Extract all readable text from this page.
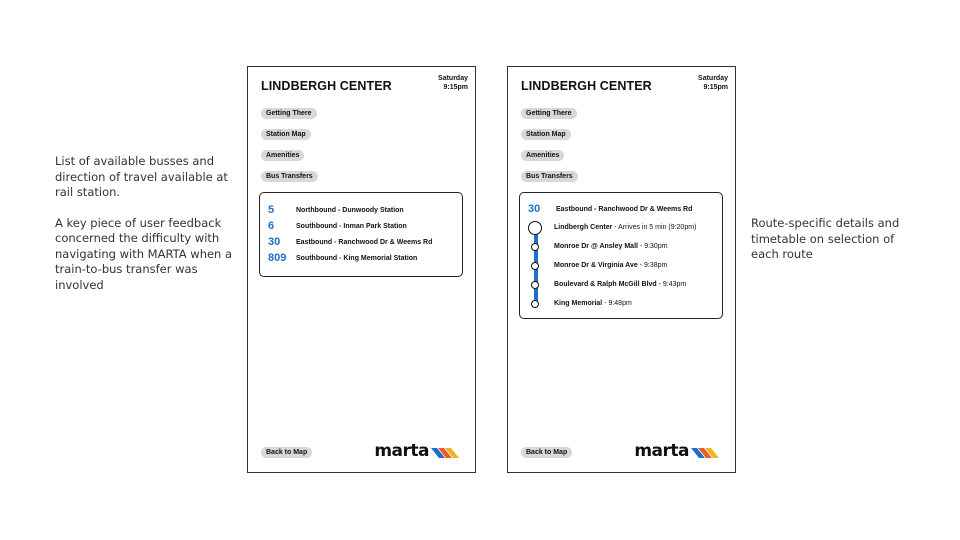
List of available busses and direction of travel available at rail station.

A key piece of user feedback concerned the difficulty with navigating with MARTA when a train-to-bus transfer was involved

Route-specific details and timetable on selection of each route

LINDBERGH CENTER
Saturday
9:15pm
Getting There
Station Map
Amenities
Bus Transfers
5	Northbound - Dunwoody Station
6	Southbound - Inman Park Station
30	Eastbound - Ranchwood Dr & Weems Rd
809	Southbound - King Memorial Station
Back to Map	marta
LINDBERGH CENTER
Saturday
9:15pm
Getting There
Station Map
Amenities
Bus Transfers
30	Eastbound - Ranchwood Dr & Weems Rd
Lindbergh Center - Arrives in 5 min (9:20pm)
Monroe Dr @ Ansley Mall - 9:30pm
Monroe Dr & Virginia Ave - 9:38pm
Boulevard & Ralph McGill Blvd - 9:43pm
King Memorial - 9:48pm
Back to Map	marta
